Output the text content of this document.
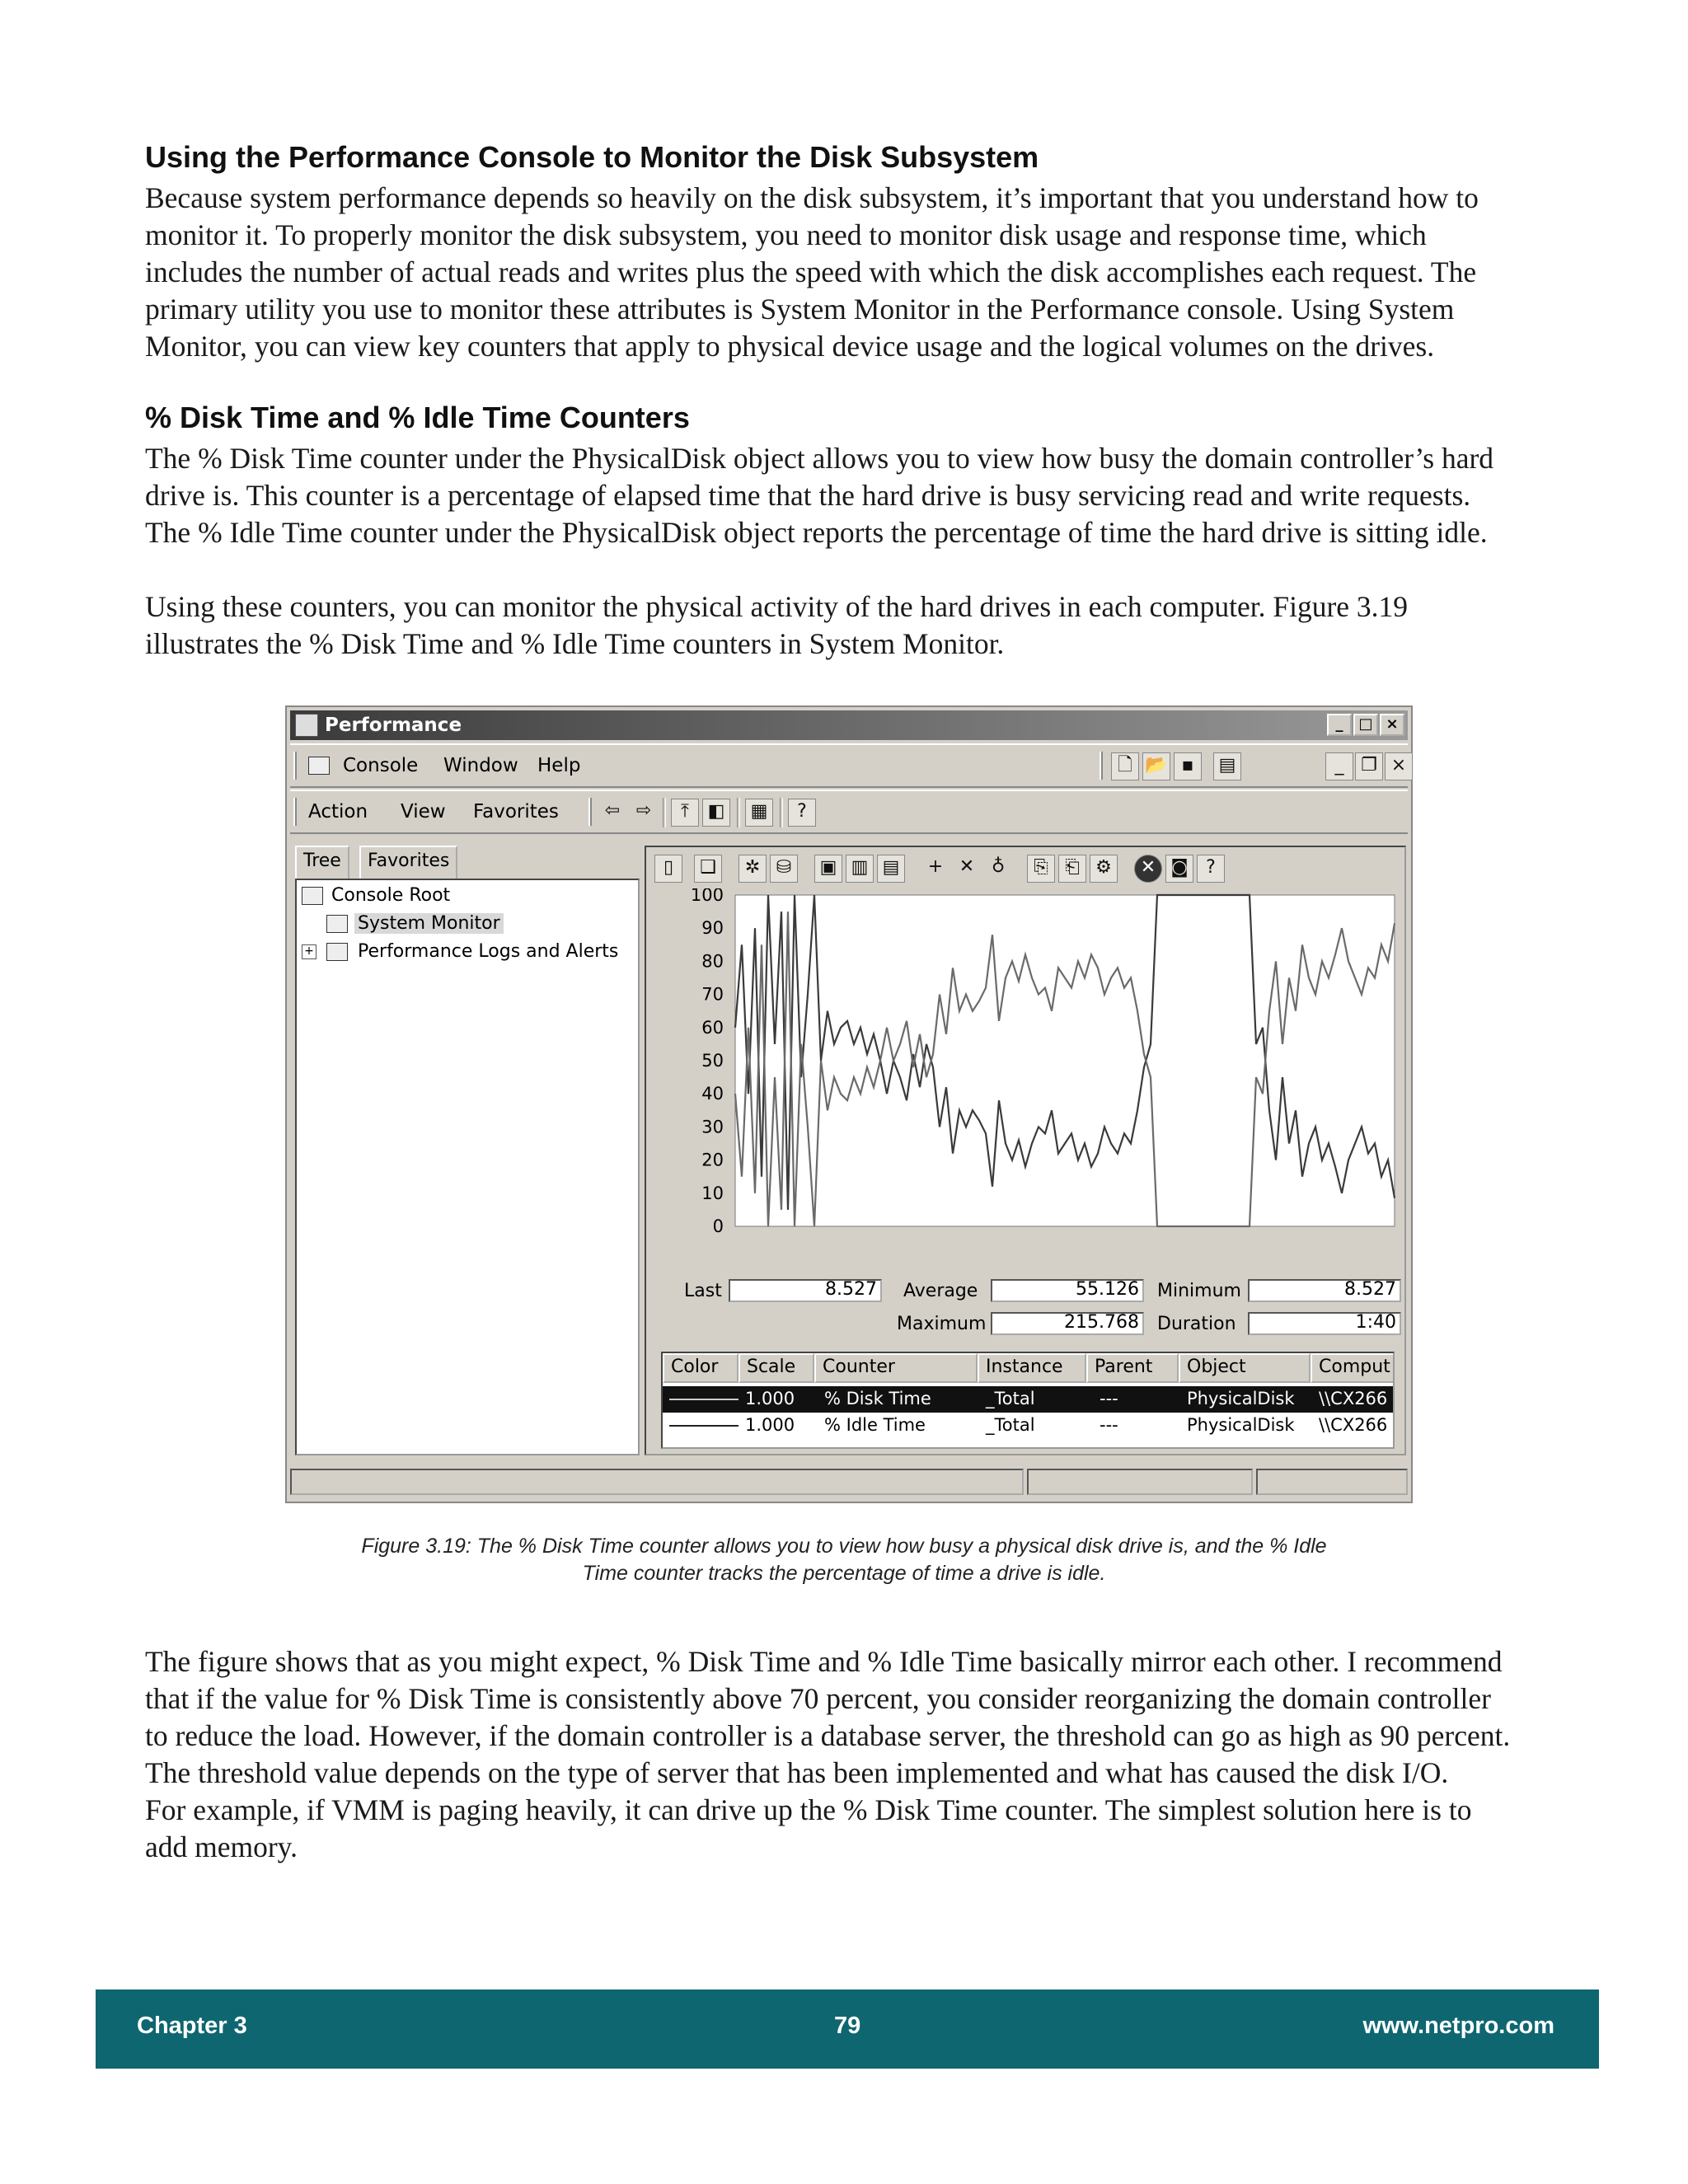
Using the Performance Console to Monitor the Disk Subsystem
Because system performance depends so heavily on the disk subsystem, it’s important that you understand how to
monitor it. To properly monitor the disk subsystem, you need to monitor disk usage and response time, which
includes the number of actual reads and writes plus the speed with which the disk accomplishes each request. The
primary utility you use to monitor these attributes is System Monitor in the Performance console. Using System
Monitor, you can view key counters that apply to physical device usage and the logical volumes on the drives.
% Disk Time and % Idle Time Counters
The % Disk Time counter under the PhysicalDisk object allows you to view how busy the domain controller’s hard
drive is. This counter is a percentage of elapsed time that the hard drive is busy servicing read and write requests.
The % Idle Time counter under the PhysicalDisk object reports the percentage of time the hard drive is sitting idle.
Using these counters, you can monitor the physical activity of the hard drives in each computer. Figure 3.19
illustrates the % Disk Time and % Idle Time counters in System Monitor.
Performance	_	□ ×
Console Window Help	🗋 📂 ▪	▤	_ ❐ ×
Action View Favorites	⇦ ⇨	⤒	◧	▦	?
Tree	Favorites
Console Root
System Monitor
+ Performance Logs and Alerts
▯	❑	✲ ⛁	▣ ▥ ▤	+ ✕ ♁	⎘ ⎗ ⚙	✕ ◙ ?
100
90
80
70
60
50
40
30
20
10
0
Last	8.527 Average	55.126 Minimum	8.527
Maximum	215.768 Duration	1:40
Color	Scale	Counter	Instance	Parent	Object	Comput
1.000 % Disk Time	_Total	---	PhysicalDisk \\CX266
1.000 % Idle Time	_Total	---	PhysicalDisk \\CX266
Figure 3.19: The % Disk Time counter allows you to view how busy a physical disk drive is, and the % Idle
Time counter tracks the percentage of time a drive is idle.
The figure shows that as you might expect, % Disk Time and % Idle Time basically mirror each other. I recommend
that if the value for % Disk Time is consistently above 70 percent, you consider reorganizing the domain controller
to reduce the load. However, if the domain controller is a database server, the threshold can go as high as 90 percent.
The threshold value depends on the type of server that has been implemented and what has caused the disk I/O.
For example, if VMM is paging heavily, it can drive up the % Disk Time counter. The simplest solution here is to
add memory.
Chapter 3	79	www.netpro.com
